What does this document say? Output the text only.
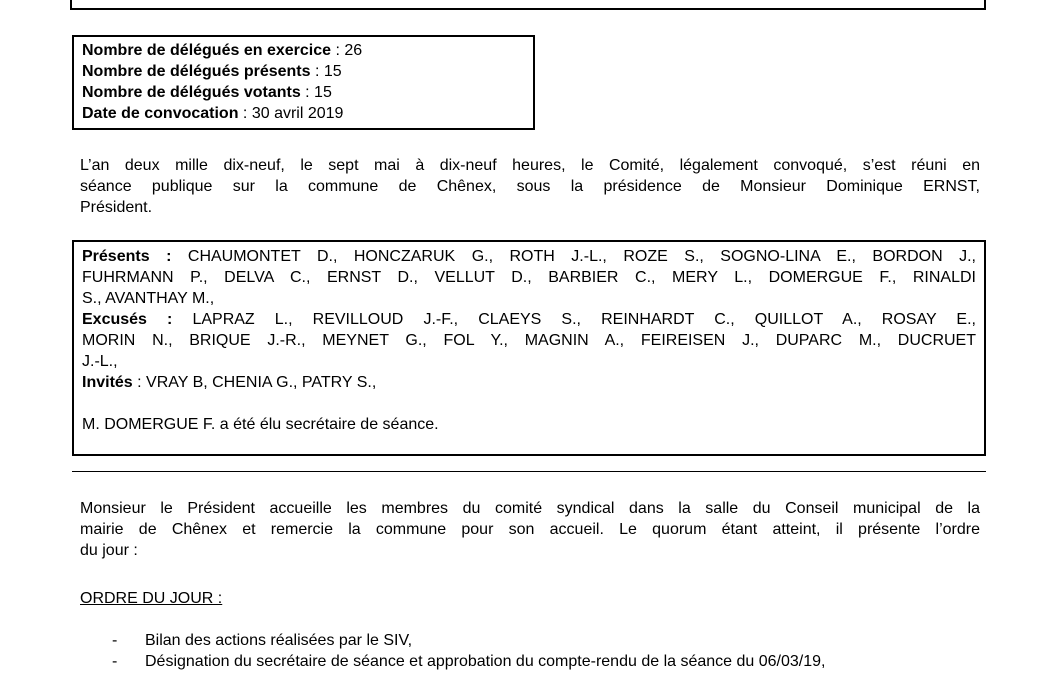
Nombre de délégués en exercice : 26
Nombre de délégués présents : 15
Nombre de délégués votants : 15
Date de convocation : 30 avril 2019
L’an deux mille dix-neuf, le sept mai à dix-neuf heures, le Comité, légalement convoqué, s’est réuni en
séance publique sur la commune de Chênex, sous la présidence de Monsieur Dominique ERNST,
Président.
Présents : CHAUMONTET D., HONCZARUK G., ROTH J.-L., ROZE S., SOGNO-LINA E., BORDON J.,
FUHRMANN P., DELVA C., ERNST D., VELLUT D., BARBIER C., MERY L., DOMERGUE F., RINALDI
S., AVANTHAY M.,
Excusés : LAPRAZ L., REVILLOUD J.-F., CLAEYS S., REINHARDT C., QUILLOT A., ROSAY E.,
MORIN N., BRIQUE J.-R., MEYNET G., FOL Y., MAGNIN A., FEIREISEN J., DUPARC M., DUCRUET
J.-L.,
Invités : VRAY B, CHENIA G., PATRY S.,
M. DOMERGUE F. a été élu secrétaire de séance.
Monsieur le Président accueille les membres du comité syndical dans la salle du Conseil municipal de la
mairie de Chênex et remercie la commune pour son accueil. Le quorum étant atteint, il présente l’ordre
du jour :
ORDRE DU JOUR :
- Bilan des actions réalisées par le SIV,
- Désignation du secrétaire de séance et approbation du compte-rendu de la séance du 06/03/19,
